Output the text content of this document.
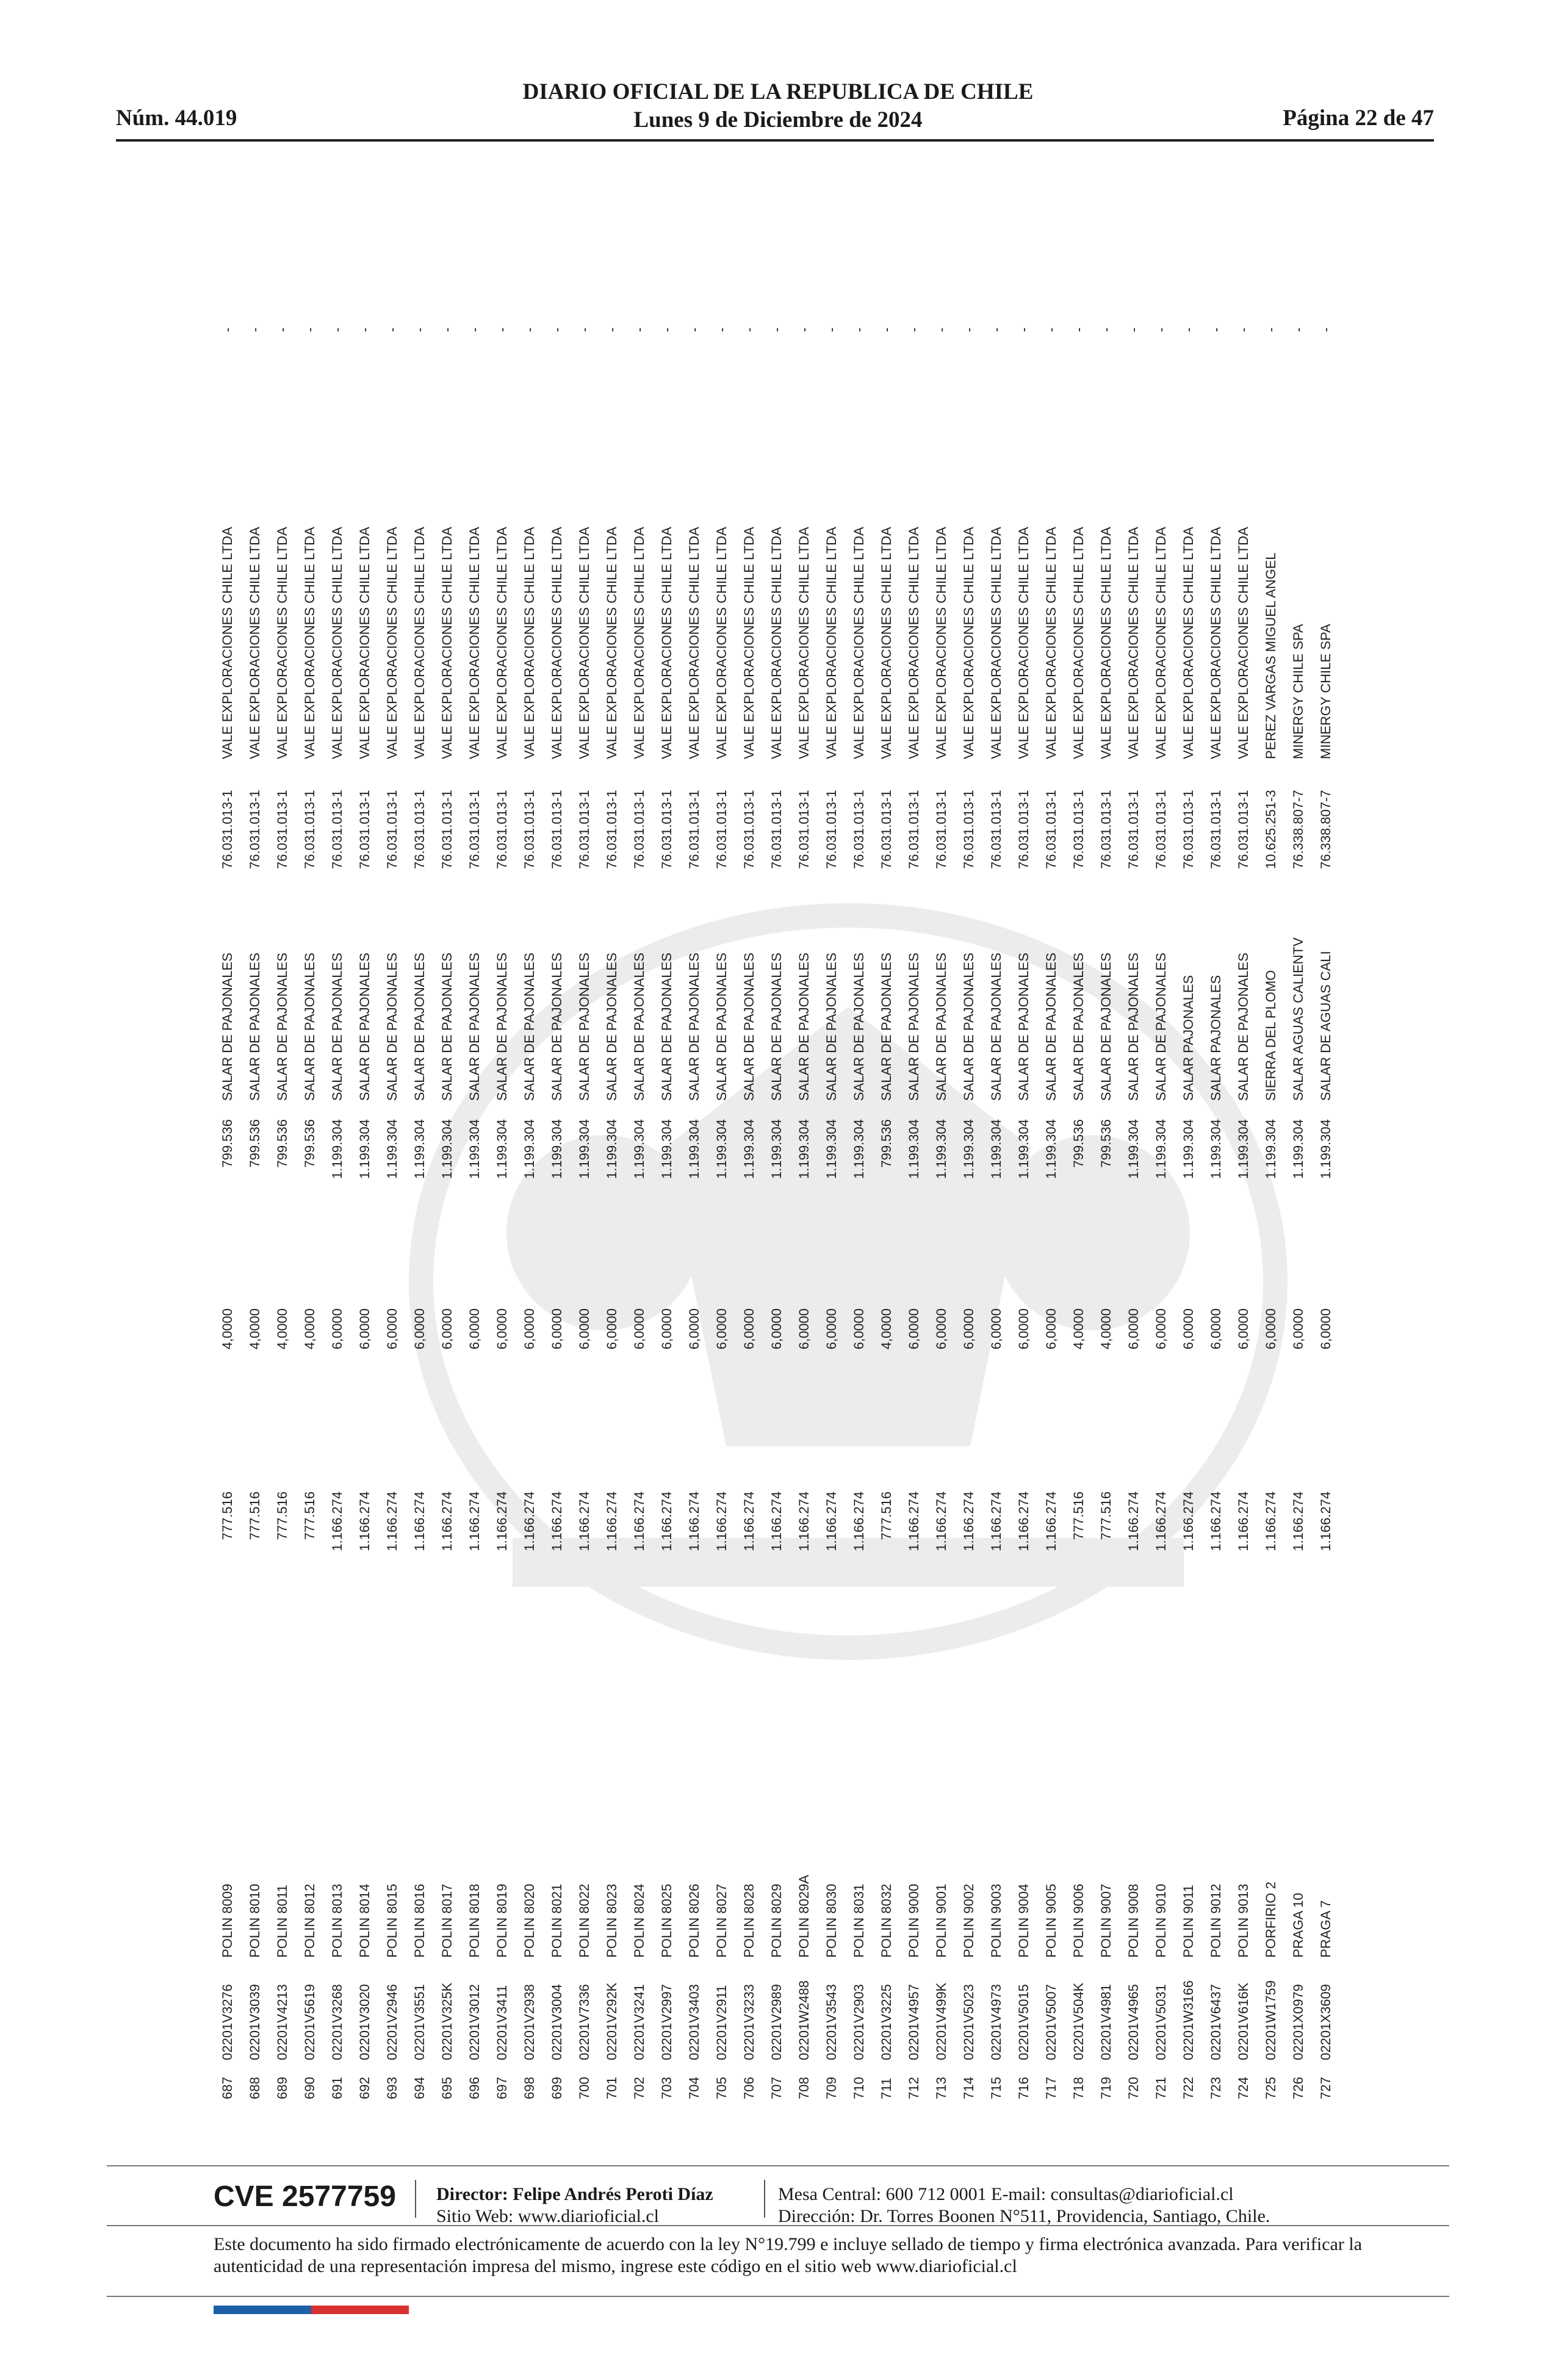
DIARIO OFICIAL DE LA REPUBLICA DE CHILE
Lunes 9 de Diciembre de 2024
Núm. 44.019	Página 22 de 47
687
02201V3276
POLIN 8009
777.516
4,0000
799.536
SALAR DE PAJONALES
76.031.013-1
VALE EXPLORACIONES CHILE LTDA
-
688
02201V3039
POLIN 8010
777.516
4,0000
799.536
SALAR DE PAJONALES
76.031.013-1
VALE EXPLORACIONES CHILE LTDA
-
689
02201V4213
POLIN 8011
777.516
4,0000
799.536
SALAR DE PAJONALES
76.031.013-1
VALE EXPLORACIONES CHILE LTDA
-
690
02201V5619
POLIN 8012
777.516
4,0000
799.536
SALAR DE PAJONALES
76.031.013-1
VALE EXPLORACIONES CHILE LTDA
-
691
02201V3268
POLIN 8013
1.166.274
6,0000
1.199.304
SALAR DE PAJONALES
76.031.013-1
VALE EXPLORACIONES CHILE LTDA
-
692
02201V3020
POLIN 8014
1.166.274
6,0000
1.199.304
SALAR DE PAJONALES
76.031.013-1
VALE EXPLORACIONES CHILE LTDA
-
693
02201V2946
POLIN 8015
1.166.274
6,0000
1.199.304
SALAR DE PAJONALES
76.031.013-1
VALE EXPLORACIONES CHILE LTDA
-
694
02201V3551
POLIN 8016
1.166.274
6,0000
1.199.304
SALAR DE PAJONALES
76.031.013-1
VALE EXPLORACIONES CHILE LTDA
-
695
02201V325K
POLIN 8017
1.166.274
6,0000
1.199.304
SALAR DE PAJONALES
76.031.013-1
VALE EXPLORACIONES CHILE LTDA
-
696
02201V3012
POLIN 8018
1.166.274
6,0000
1.199.304
SALAR DE PAJONALES
76.031.013-1
VALE EXPLORACIONES CHILE LTDA
-
697
02201V3411
POLIN 8019
1.166.274
6,0000
1.199.304
SALAR DE PAJONALES
76.031.013-1
VALE EXPLORACIONES CHILE LTDA
-
698
02201V2938
POLIN 8020
1.166.274
6,0000
1.199.304
SALAR DE PAJONALES
76.031.013-1
VALE EXPLORACIONES CHILE LTDA
-
699
02201V3004
POLIN 8021
1.166.274
6,0000
1.199.304
SALAR DE PAJONALES
76.031.013-1
VALE EXPLORACIONES CHILE LTDA
-
700
02201V7336
POLIN 8022
1.166.274
6,0000
1.199.304
SALAR DE PAJONALES
76.031.013-1
VALE EXPLORACIONES CHILE LTDA
-
701
02201V292K
POLIN 8023
1.166.274
6,0000
1.199.304
SALAR DE PAJONALES
76.031.013-1
VALE EXPLORACIONES CHILE LTDA
-
702
02201V3241
POLIN 8024
1.166.274
6,0000
1.199.304
SALAR DE PAJONALES
76.031.013-1
VALE EXPLORACIONES CHILE LTDA
-
703
02201V2997
POLIN 8025
1.166.274
6,0000
1.199.304
SALAR DE PAJONALES
76.031.013-1
VALE EXPLORACIONES CHILE LTDA
-
704
02201V3403
POLIN 8026
1.166.274
6,0000
1.199.304
SALAR DE PAJONALES
76.031.013-1
VALE EXPLORACIONES CHILE LTDA
-
705
02201V2911
POLIN 8027
1.166.274
6,0000
1.199.304
SALAR DE PAJONALES
76.031.013-1
VALE EXPLORACIONES CHILE LTDA
-
706
02201V3233
POLIN 8028
1.166.274
6,0000
1.199.304
SALAR DE PAJONALES
76.031.013-1
VALE EXPLORACIONES CHILE LTDA
-
707
02201V2989
POLIN 8029
1.166.274
6,0000
1.199.304
SALAR DE PAJONALES
76.031.013-1
VALE EXPLORACIONES CHILE LTDA
-
708
02201W2488
POLIN 8029A
1.166.274
6,0000
1.199.304
SALAR DE PAJONALES
76.031.013-1
VALE EXPLORACIONES CHILE LTDA
-
709
02201V3543
POLIN 8030
1.166.274
6,0000
1.199.304
SALAR DE PAJONALES
76.031.013-1
VALE EXPLORACIONES CHILE LTDA
-
710
02201V2903
POLIN 8031
1.166.274
6,0000
1.199.304
SALAR DE PAJONALES
76.031.013-1
VALE EXPLORACIONES CHILE LTDA
-
711
02201V3225
POLIN 8032
777.516
4,0000
799.536
SALAR DE PAJONALES
76.031.013-1
VALE EXPLORACIONES CHILE LTDA
-
712
02201V4957
POLIN 9000
1.166.274
6,0000
1.199.304
SALAR DE PAJONALES
76.031.013-1
VALE EXPLORACIONES CHILE LTDA
-
713
02201V499K
POLIN 9001
1.166.274
6,0000
1.199.304
SALAR DE PAJONALES
76.031.013-1
VALE EXPLORACIONES CHILE LTDA
-
714
02201V5023
POLIN 9002
1.166.274
6,0000
1.199.304
SALAR DE PAJONALES
76.031.013-1
VALE EXPLORACIONES CHILE LTDA
-
715
02201V4973
POLIN 9003
1.166.274
6,0000
1.199.304
SALAR DE PAJONALES
76.031.013-1
VALE EXPLORACIONES CHILE LTDA
-
716
02201V5015
POLIN 9004
1.166.274
6,0000
1.199.304
SALAR DE PAJONALES
76.031.013-1
VALE EXPLORACIONES CHILE LTDA
-
717
02201V5007
POLIN 9005
1.166.274
6,0000
1.199.304
SALAR DE PAJONALES
76.031.013-1
VALE EXPLORACIONES CHILE LTDA
-
718
02201V504K
POLIN 9006
777.516
4,0000
799.536
SALAR DE PAJONALES
76.031.013-1
VALE EXPLORACIONES CHILE LTDA
-
719
02201V4981
POLIN 9007
777.516
4,0000
799.536
SALAR DE PAJONALES
76.031.013-1
VALE EXPLORACIONES CHILE LTDA
-
720
02201V4965
POLIN 9008
1.166.274
6,0000
1.199.304
SALAR DE PAJONALES
76.031.013-1
VALE EXPLORACIONES CHILE LTDA
-
721
02201V5031
POLIN 9010
1.166.274
6,0000
1.199.304
SALAR DE PAJONALES
76.031.013-1
VALE EXPLORACIONES CHILE LTDA
-
722
02201W3166
POLIN 9011
1.166.274
6,0000
1.199.304
SALAR PAJONALES
76.031.013-1
VALE EXPLORACIONES CHILE LTDA
-
723
02201V6437
POLIN 9012
1.166.274
6,0000
1.199.304
SALAR PAJONALES
76.031.013-1
VALE EXPLORACIONES CHILE LTDA
-
724
02201V616K
POLIN 9013
1.166.274
6,0000
1.199.304
SALAR DE PAJONALES
76.031.013-1
VALE EXPLORACIONES CHILE LTDA
-
725
02201W1759
PORFIRIO 2
1.166.274
6,0000
1.199.304
SIERRA DEL PLOMO
10.625.251-3
PEREZ VARGAS MIGUEL ANGEL
-
726
02201X0979
PRAGA 10
1.166.274
6,0000
1.199.304
SALAR AGUAS CALIENTV
76.338.807-7
MINERGY CHILE SPA
-
727
02201X3609
PRAGA 7
1.166.274
6,0000
1.199.304
SALAR DE AGUAS CALI
76.338.807-7
MINERGY CHILE SPA
-
CVE 2577759 Director: Felipe Andrés Peroti Díaz
Sitio Web: www.diarioficial.cl
Mesa Central: 600 712 0001 E-mail: consultas@diarioficial.cl
Dirección: Dr. Torres Boonen N°511, Providencia, Santiago, Chile.
Este documento ha sido firmado electrónicamente de acuerdo con la ley N°19.799 e incluye sellado de tiempo y firma electrónica avanzada. Para verificar la autenticidad de una representación impresa del mismo, ingrese este código en el sitio web www.diarioficial.cl
